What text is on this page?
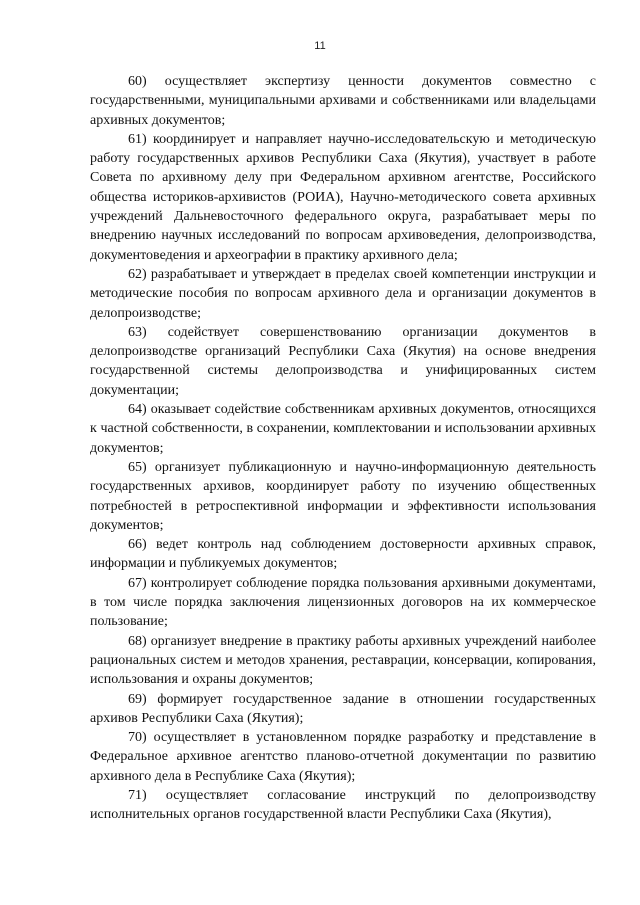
11

60) осуществляет экспертизу ценности документов совместно с государственными, муниципальными архивами и собственниками или владельцами архивных документов;

61) координирует и направляет научно-исследовательскую и методическую работу государственных архивов Республики Саха (Якутия), участвует в работе Совета по архивному делу при Федеральном архивном агентстве, Российского общества историков-архивистов (РОИА), Научно-методического совета архивных учреждений Дальневосточного федерального округа, разрабатывает меры по внедрению научных исследований по вопросам архивоведения, делопроизводства, документоведения и археографии в практику архивного дела;

62) разрабатывает и утверждает в пределах своей компетенции инструкции и методические пособия по вопросам архивного дела и организации документов в делопроизводстве;

63) содействует совершенствованию организации документов в делопроизводстве организаций Республики Саха (Якутия) на основе внедрения государственной системы делопроизводства и унифицированных систем документации;

64) оказывает содействие собственникам архивных документов, относящихся к частной собственности, в сохранении, комплектовании и использовании архивных документов;

65) организует публикационную и научно-информационную деятельность государственных архивов, координирует работу по изучению общественных потребностей в ретроспективной информации и эффективности использования документов;

66) ведет контроль над соблюдением достоверности архивных справок, информации и публикуемых документов;

67) контролирует соблюдение порядка пользования архивными документами, в том числе порядка заключения лицензионных договоров на их коммерческое пользование;

68) организует внедрение в практику работы архивных учреждений наиболее рациональных систем и методов хранения, реставрации, консервации, копирования, использования и охраны документов;

69) формирует государственное задание в отношении государственных архивов Республики Саха (Якутия);

70) осуществляет в установленном порядке разработку и представление в Федеральное архивное агентство планово-отчетной документации по развитию архивного дела в Республике Саха (Якутия);

71) осуществляет согласование инструкций по делопроизводству исполнительных органов государственной власти Республики Саха (Якутия),
